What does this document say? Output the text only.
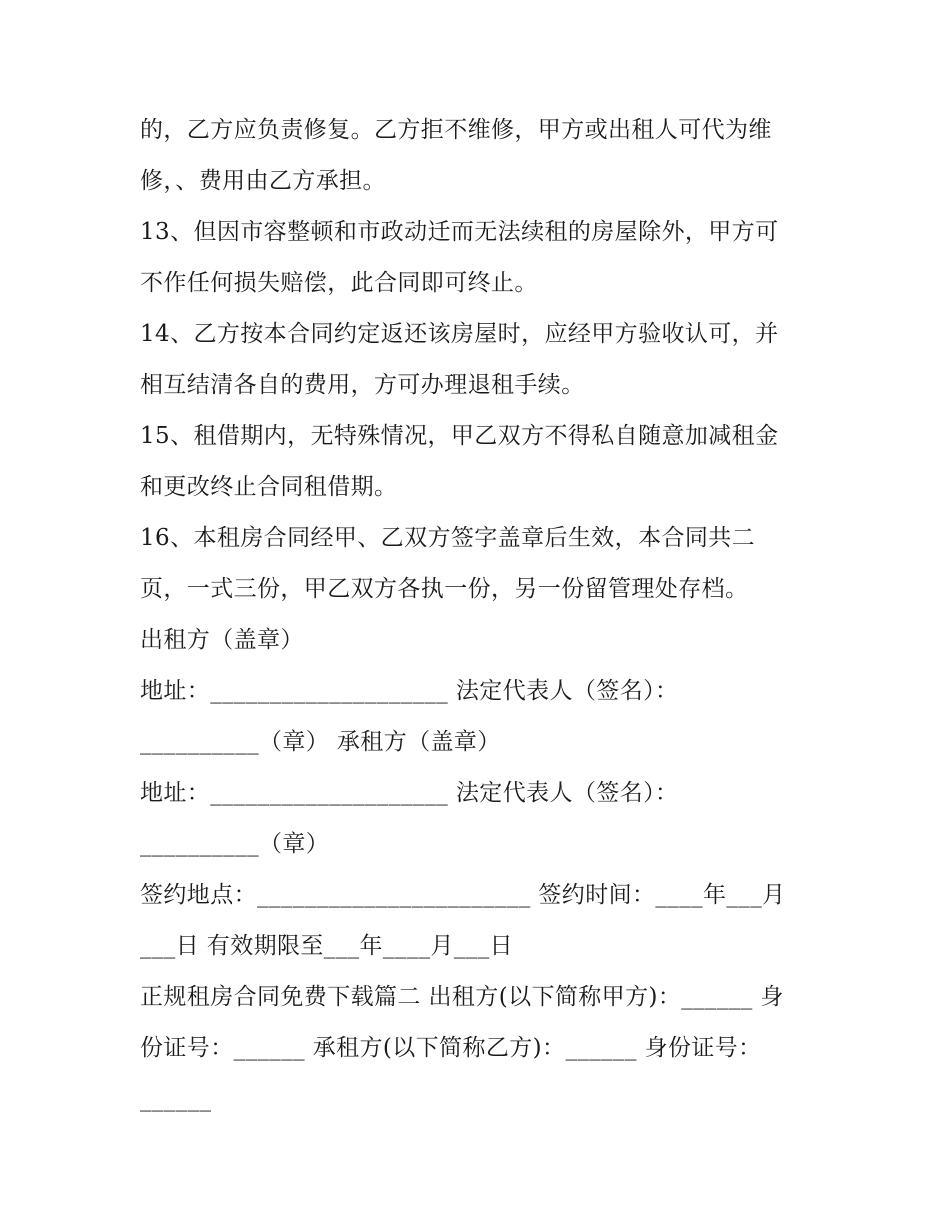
的，乙方应负责修复。乙方拒不维修，甲方或出租人可代为维
修，、费用由乙方承担。
13、但因市容整顿和市政动迁而无法续租的房屋除外，甲方可
不作任何损失赔偿，此合同即可终止。
14、乙方按本合同约定返还该房屋时，应经甲方验收认可，并
相互结清各自的费用，方可办理退租手续。
15、租借期内，无特殊情况，甲乙双方不得私自随意加减租金
和更改终止合同租借期。
16、本租房合同经甲、乙双方签字盖章后生效，本合同共二
页，一式三份，甲乙双方各执一份，另一份留管理处存档。
出租方（盖章）
地址：____________________ 法定代表人（签名）：
__________（章） 承租方（盖章）
地址：____________________ 法定代表人（签名）：
__________（章）
签约地点：_______________________ 签约时间：____年___月
___日 有效期限至___年____月___日
正规租房合同免费下载篇二 出租方(以下简称甲方)：______ 身
份证号：______ 承租方(以下简称乙方)：______ 身份证号：
______
